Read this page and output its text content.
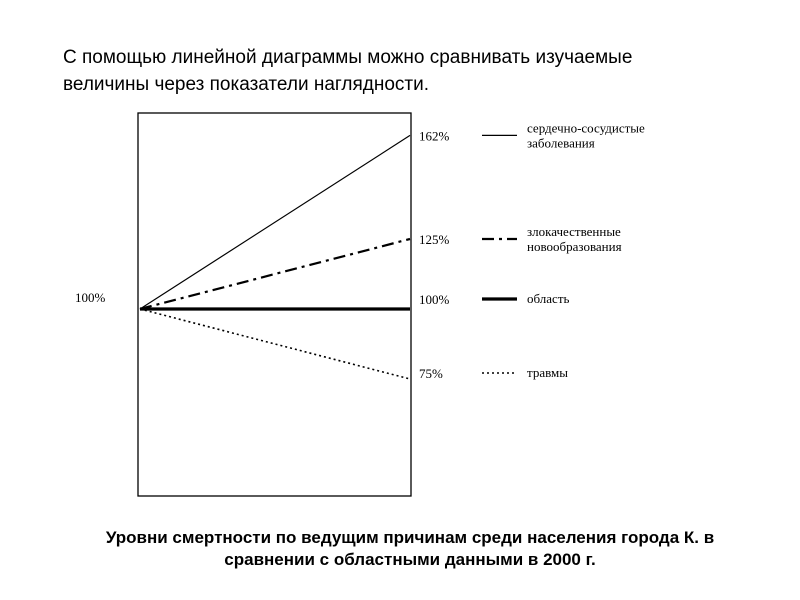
С помощью линейной диаграммы можно сравнивать изучаемые
величины через показатели наглядности.
100%
162%
сердечно-сосудистые
заболевания
125%
злокачественные
новообразования
100%	область
75%	травмы
Уровни смертности по ведущим причинам среди населения города К. в
сравнении с областными данными в 2000 г.
